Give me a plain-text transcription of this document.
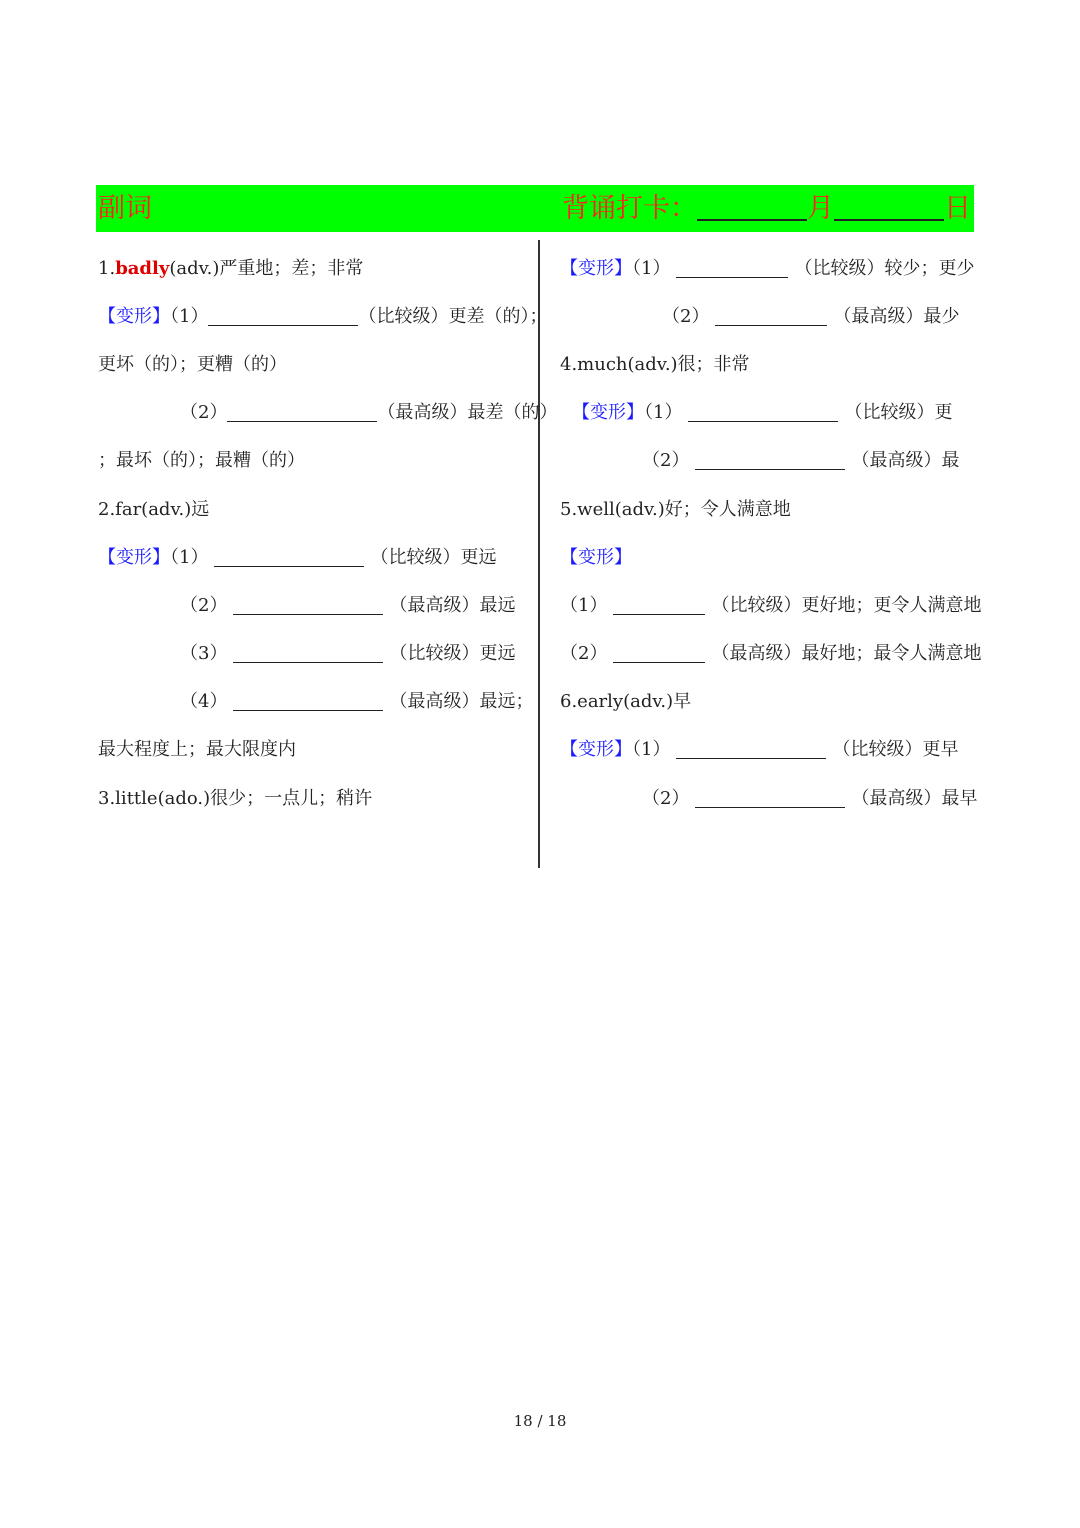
副词	背诵打卡：	月	日
1.badly(adv.)严重地；差；非常
【变形】（1）	（比较级）更差（的）；
更坏（的）；更糟（的）
（2）	（最高级）最差（的）
；最坏（的）；最糟（的）
2.far(adv.)远
【变形】（1）	（比较级）更远
（2）	（最高级）最远
（3）	（比较级）更远
（4）	（最高级）最远；
最大程度上；最大限度内
3.little(ado.)很少；一点儿；稍许
【变形】（1）	（比较级）较少；更少
（2）	（最高级）最少
4.much(adv.)很；非常
【变形】（1）	（比较级）更
（2）	（最高级）最
5.well(adv.)好；令人满意地
【变形】
（1）	（比较级）更好地；更令人满意地
（2）	（最高级）最好地；最令人满意地
6.early(adv.)早
【变形】（1）	（比较级）更早
（2）	（最高级）最早
18 / 18
